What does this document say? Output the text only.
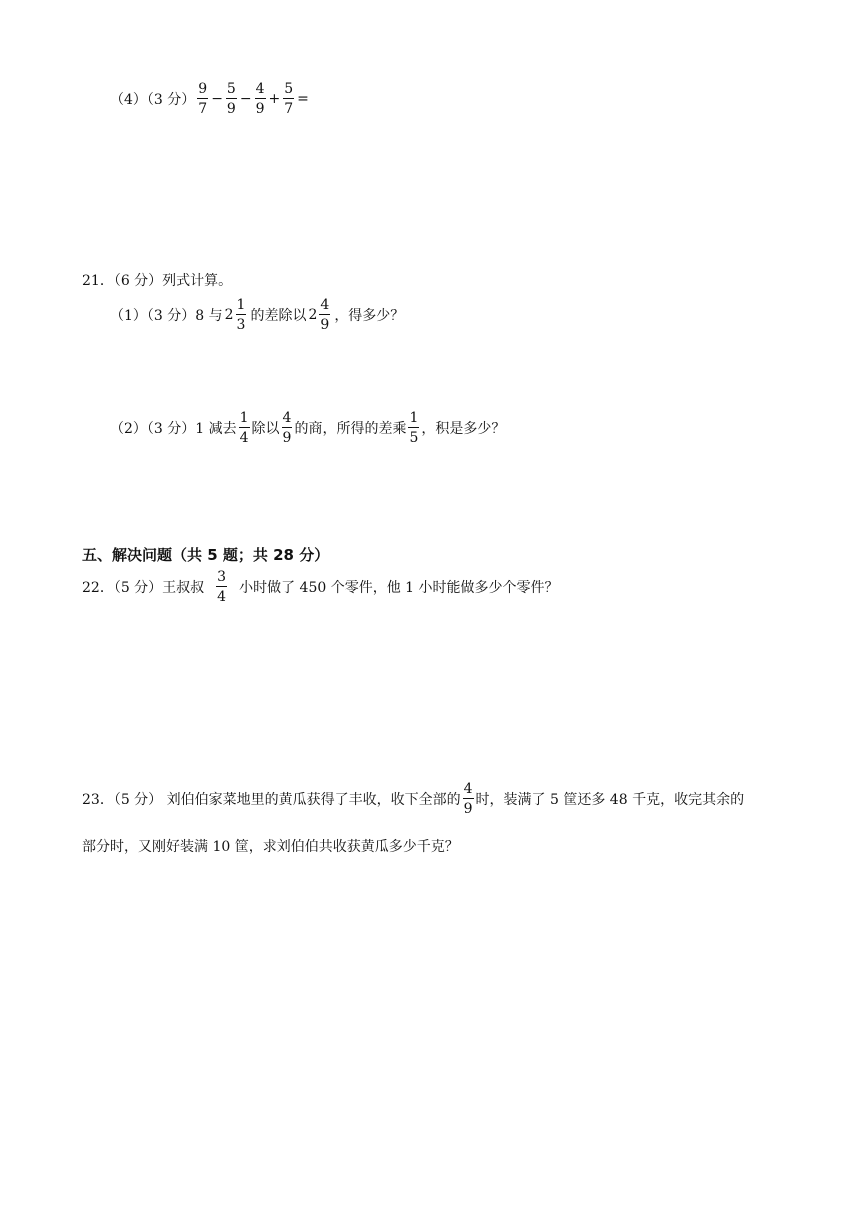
（4）（3 分） $\frac{9}{7} - \frac{5}{9} - \frac{4}{9} + \frac{5}{7}$ =
21．（6 分）列式计算。
（1）（3 分）8 与 $2 \frac{1}{3}$ 的差除以 $2 \frac{4}{9}$ ，得多少？
（2）（3 分）1 减去 $\frac{1}{4}$ 除以 $\frac{4}{9}$ 的商，所得的差乘 $\frac{1}{5}$ ，积是多少？
五、解决问题（共 5 题；共 28 分）
22．（5 分）王叔叔 $\frac{3}{4}$ 小时做了 450 个零件，他 1 小时能做多少个零件？
23．（5 分） 刘伯伯家菜地里的黄瓜获得了丰收，收下全部的 $\frac{4}{9}$ 时，装满了 5 筐还多 48 千克，收完其余的
部分时，又刚好装满 10 筐，求刘伯伯共收获黄瓜多少千克？
